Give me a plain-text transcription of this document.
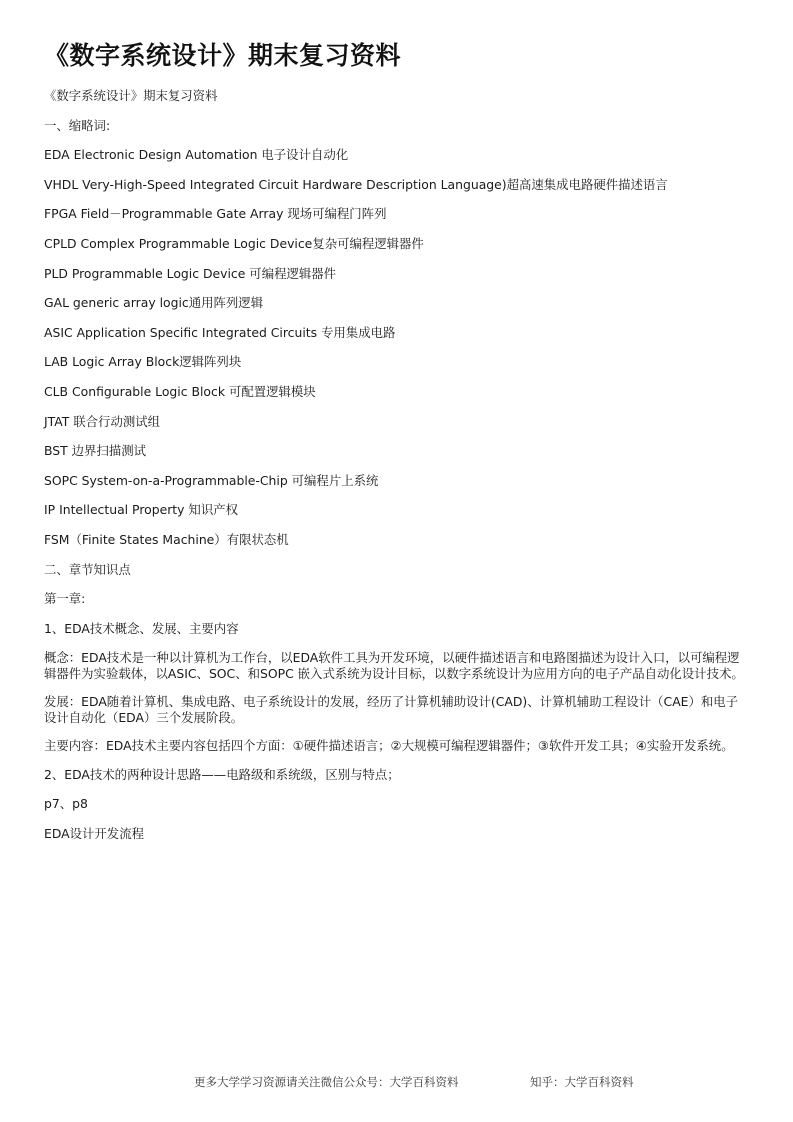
《数字系统设计》期末复习资料
《数字系统设计》期末复习资料
一、缩略词:
EDA Electronic Design Automation 电子设计自动化
VHDL Very-High-Speed Integrated Circuit Hardware Description Language)超高速集成电路硬件描述语言
FPGA Field－Programmable Gate Array 现场可编程门阵列
CPLD Complex Programmable Logic Device复杂可编程逻辑器件
PLD Programmable Logic Device 可编程逻辑器件
GAL generic array logic通用阵列逻辑
ASIC Application Specific Integrated Circuits 专用集成电路
LAB Logic Array Block逻辑阵列块
CLB Configurable Logic Block 可配置逻辑模块
JTAT 联合行动测试组
BST 边界扫描测试
SOPC System-on-a-Programmable-Chip 可编程片上系统
IP Intellectual Property 知识产权
FSM（Finite States Machine）有限状态机
二、章节知识点
第一章:
1、EDA技术概念、发展、主要内容
概念：EDA技术是一种以计算机为工作台，以EDA软件工具为开发环境，以硬件描述语言和电路图描述为设计入口，以可编程逻辑器件为实验载体，以ASIC、SOC、和SOPC 嵌入式系统为设计目标，以数字系统设计为应用方向的电子产品自动化设计技术。
发展：EDA随着计算机、集成电路、电子系统设计的发展，经历了计算机辅助设计(CAD)、计算机辅助工程设计（CAE）和电子设计自动化（EDA）三个发展阶段。
主要内容：EDA技术主要内容包括四个方面：①硬件描述语言；②大规模可编程逻辑器件；③软件开发工具；④实验开发系统。
2、EDA技术的两种设计思路——电路级和系统级，区别与特点；
p7、p8
EDA设计开发流程
更多大学学习资源请关注微信公众号：大学百科资料	知乎：大学百科资料
